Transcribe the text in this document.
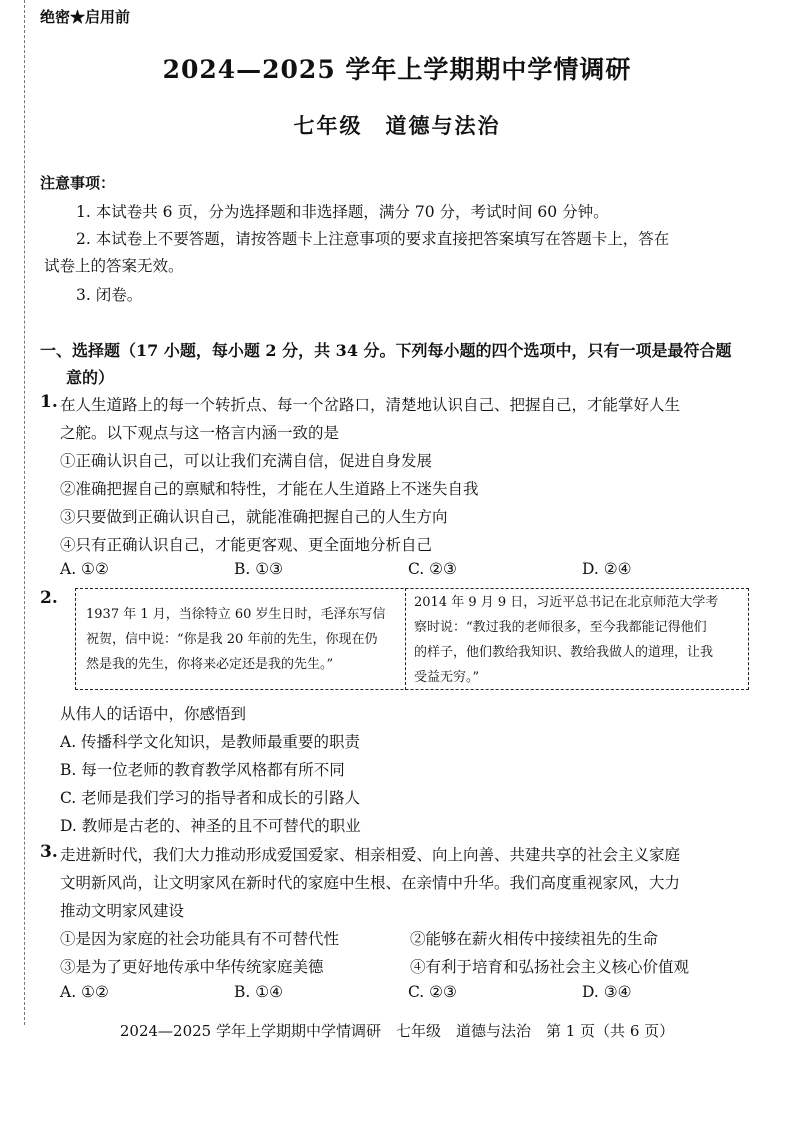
绝密★启用前
2024—2025 学年上学期期中学情调研
七年级　道德与法治
注意事项：
1. 本试卷共 6 页，分为选择题和非选择题，满分 70 分，考试时间 60 分钟。
2. 本试卷上不要答题，请按答题卡上注意事项的要求直接把答案填写在答题卡上，答在
试卷上的答案无效。
3. 闭卷。
一、选择题（17 小题，每小题 2 分，共 34 分。下列每小题的四个选项中，只有一项是最符合题
意的）
1. 在人生道路上的每一个转折点、每一个岔路口，清楚地认识自己、把握自己，才能掌好人生
之舵。以下观点与这一格言内涵一致的是
①正确认识自己，可以让我们充满自信，促进自身发展
②准确把握自己的禀赋和特性，才能在人生道路上不迷失自我
③只要做到正确认识自己，就能准确把握自己的人生方向
④只有正确认识自己，才能更客观、更全面地分析自己
A. ①②	B. ①③	C. ②③	D. ②④
2.
1937 年 1 月，当徐特立 60 岁生日时，毛泽东写信
祝贺，信中说：“你是我 20 年前的先生，你现在仍
然是我的先生，你将来必定还是我的先生。”
2014 年 9 月 9 日，习近平总书记在北京师范大学考
察时说：“教过我的老师很多，至今我都能记得他们
的样子，他们教给我知识、教给我做人的道理，让我
受益无穷。”
从伟人的话语中，你感悟到
A. 传播科学文化知识，是教师最重要的职责
B. 每一位老师的教育教学风格都有所不同
C. 老师是我们学习的指导者和成长的引路人
D. 教师是古老的、神圣的且不可替代的职业
3. 走进新时代，我们大力推动形成爱国爱家、相亲相爱、向上向善、共建共享的社会主义家庭
文明新风尚，让文明家风在新时代的家庭中生根、在亲情中升华。我们高度重视家风，大力
推动文明家风建设
①是因为家庭的社会功能具有不可替代性	②能够在薪火相传中接续祖先的生命
③是为了更好地传承中华传统家庭美德	④有利于培育和弘扬社会主义核心价值观
A. ①②	B. ①④	C. ②③	D. ③④
2024—2025 学年上学期期中学情调研　七年级　道德与法治　第 1 页（共 6 页）
